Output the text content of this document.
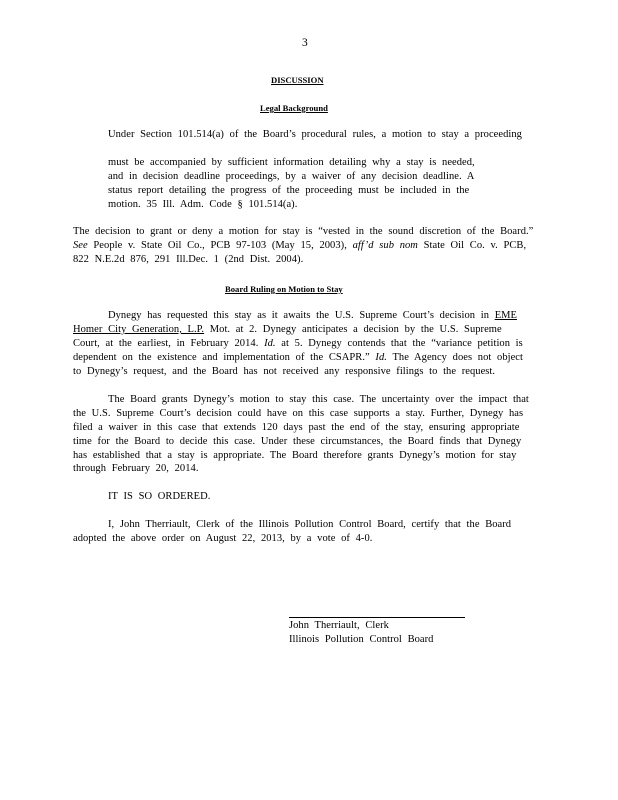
3
DISCUSSION
Legal Background
Under Section 101.514(a) of the Board’s procedural rules, a motion to stay a proceeding
must be accompanied by sufficient information detailing why a stay is needed,
and in decision deadline proceedings, by a waiver of any decision deadline. A
status report detailing the progress of the proceeding must be included in the
motion. 35 Ill. Adm. Code § 101.514(a).
The decision to grant or deny a motion for stay is “vested in the sound discretion of the Board.”
See People v. State Oil Co., PCB 97-103 (May 15, 2003), aff’d sub nom State Oil Co. v. PCB,
822 N.E.2d 876, 291 Ill.Dec. 1 (2nd Dist. 2004).
Board Ruling on Motion to Stay
Dynegy has requested this stay as it awaits the U.S. Supreme Court’s decision in EME
Homer City Generation, L.P. Mot. at 2. Dynegy anticipates a decision by the U.S. Supreme
Court, at the earliest, in February 2014. Id. at 5. Dynegy contends that the “variance petition is
dependent on the existence and implementation of the CSAPR.” Id. The Agency does not object
to Dynegy’s request, and the Board has not received any responsive filings to the request.
The Board grants Dynegy’s motion to stay this case. The uncertainty over the impact that
the U.S. Supreme Court’s decision could have on this case supports a stay. Further, Dynegy has
filed a waiver in this case that extends 120 days past the end of the stay, ensuring appropriate
time for the Board to decide this case. Under these circumstances, the Board finds that Dynegy
has established that a stay is appropriate. The Board therefore grants Dynegy’s motion for stay
through February 20, 2014.
IT IS SO ORDERED.
I, John Therriault, Clerk of the Illinois Pollution Control Board, certify that the Board
adopted the above order on August 22, 2013, by a vote of 4-0.
John Therriault, Clerk
Illinois Pollution Control Board
